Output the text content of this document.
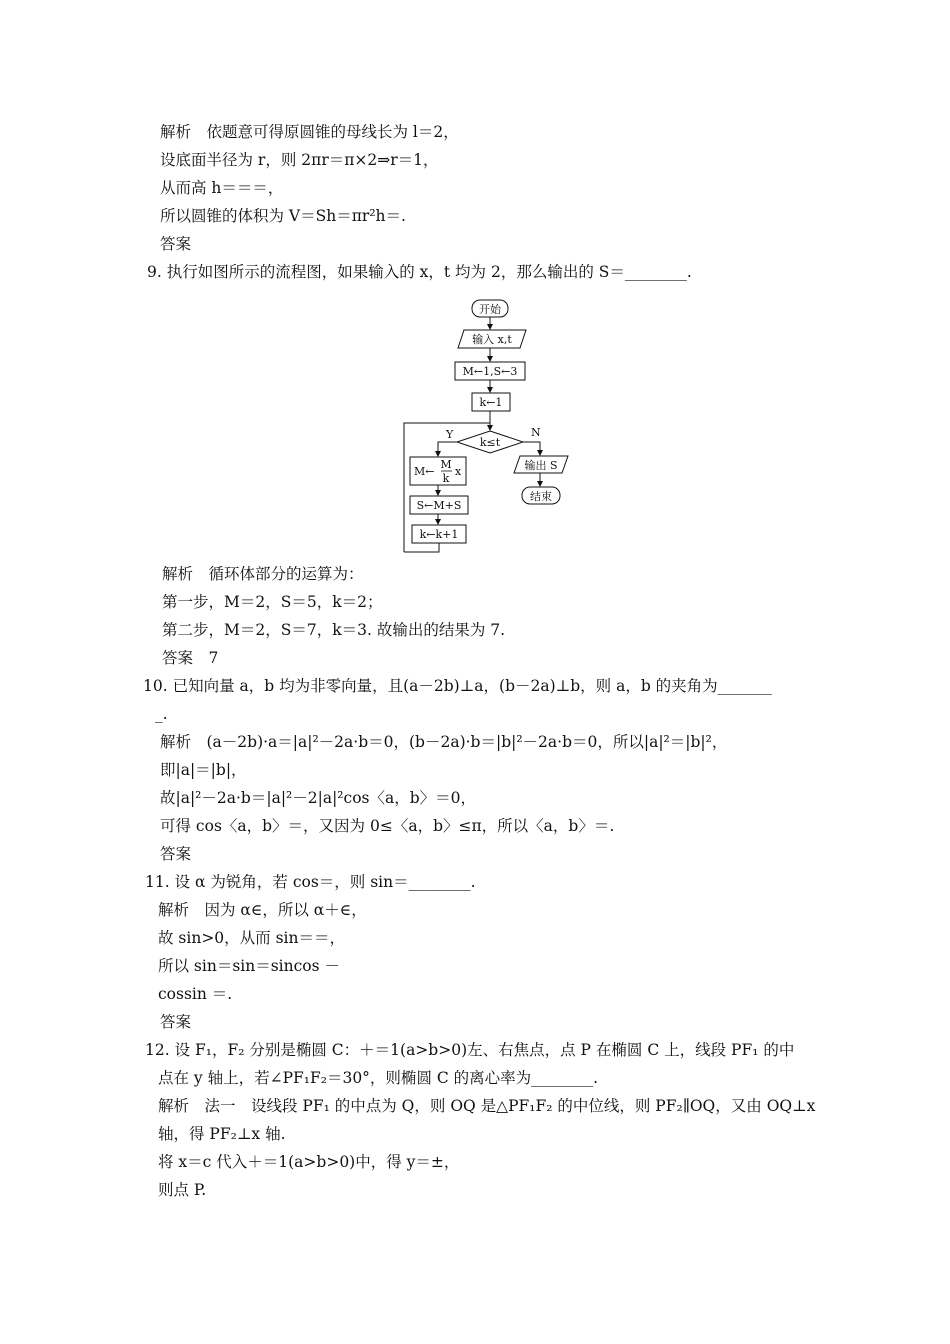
解析　依题意可得原圆锥的母线长为 l＝2，
设底面半径为 r，则 2πr＝π×2⇒r＝1，
从而高 h＝＝＝，
所以圆锥的体积为 V＝Sh＝πr²h＝.
答案
9. 执行如图所示的流程图，如果输入的 x，t 均为 2，那么输出的 S＝________.
开始
输入 x,t
M←1,S←3
k←1
k≤t
Y	N
M←
M
k
x
S←M+S
k←k+1
输出 S
结束
解析　循环体部分的运算为：
第一步，M＝2，S＝5，k＝2；
第二步，M＝2，S＝7，k＝3. 故输出的结果为 7.
答案　7
10. 已知向量 a，b 均为非零向量，且(a－2b)⊥a，(b－2a)⊥b，则 a，b 的夹角为_______
_.
解析　(a－2b)·a＝|a|²－2a·b＝0，(b－2a)·b＝|b|²－2a·b＝0，所以|a|²＝|b|²，
即|a|＝|b|，
故|a|²－2a·b＝|a|²－2|a|²cos〈a，b〉＝0，
可得 cos〈a，b〉＝，又因为 0≤〈a，b〉≤π，所以〈a，b〉＝.
答案
11. 设 α 为锐角，若 cos＝，则 sin＝________.
解析　因为 α∈，所以 α＋∈，
故 sin>0，从而 sin＝＝，
所以 sin＝sin＝sincos －
cossin ＝.
答案
12. 设 F₁，F₂ 分别是椭圆 C：＋＝1(a>b>0)左、右焦点，点 P 在椭圆 C 上，线段 PF₁ 的中
点在 y 轴上，若∠PF₁F₂＝30°，则椭圆 C 的离心率为________.
解析　法一　设线段 PF₁ 的中点为 Q，则 OQ 是△PF₁F₂ 的中位线，则 PF₂∥OQ，又由 OQ⊥x
轴，得 PF₂⊥x 轴.
将 x＝c 代入＋＝1(a>b>0)中，得 y＝±，
则点 P.
